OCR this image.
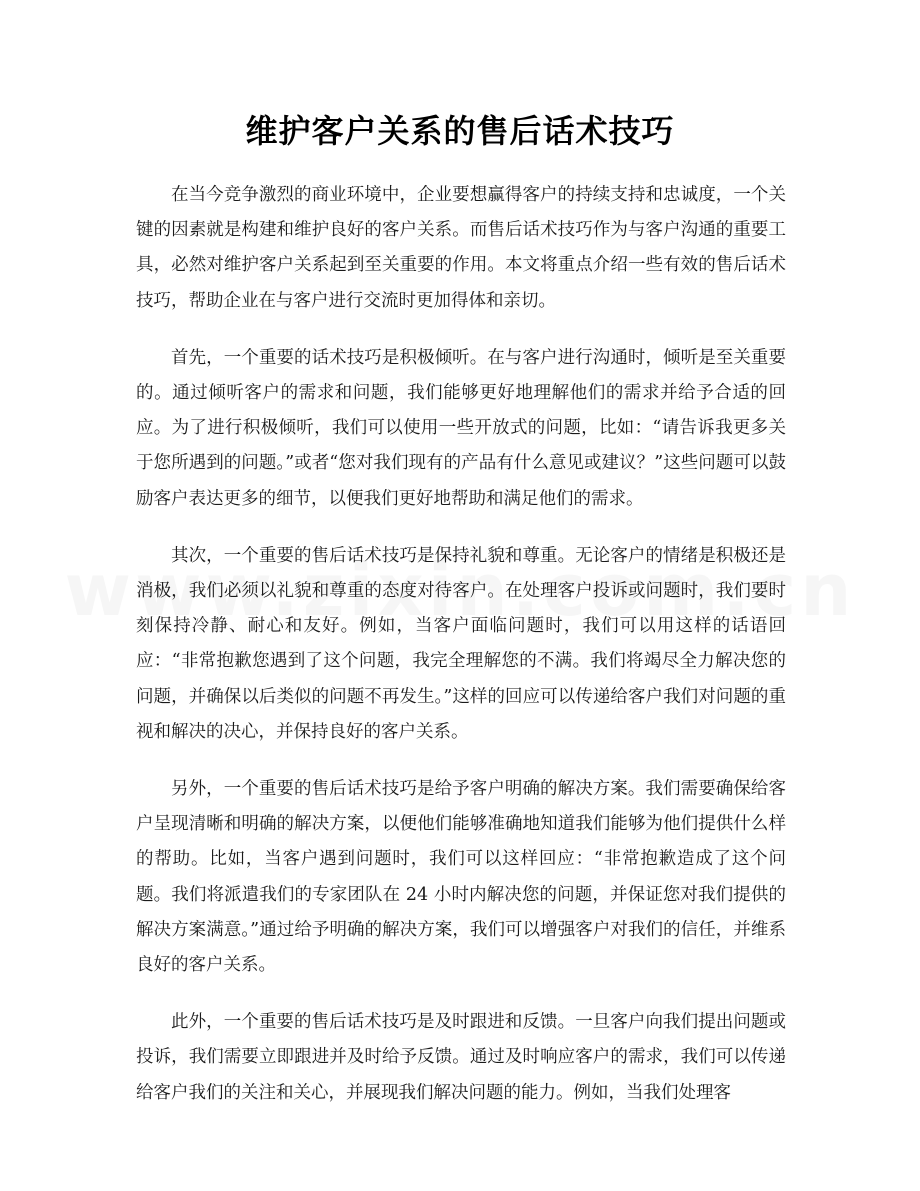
维护客户关系的售后话术技巧

在当今竞争激烈的商业环境中，企业要想赢得客户的持续支持和忠诚度，一个关键的因素就是构建和维护良好的客户关系。而售后话术技巧作为与客户沟通的重要工具，必然对维护客户关系起到至关重要的作用。本文将重点介绍一些有效的售后话术技巧，帮助企业在与客户进行交流时更加得体和亲切。

首先，一个重要的话术技巧是积极倾听。在与客户进行沟通时，倾听是至关重要的。通过倾听客户的需求和问题，我们能够更好地理解他们的需求并给予合适的回应。为了进行积极倾听，我们可以使用一些开放式的问题，比如：“请告诉我更多关于您所遇到的问题。”或者“您对我们现有的产品有什么意见或建议？”这些问题可以鼓励客户表达更多的细节，以便我们更好地帮助和满足他们的需求。

其次，一个重要的售后话术技巧是保持礼貌和尊重。无论客户的情绪是积极还是消极，我们必须以礼貌和尊重的态度对待客户。在处理客户投诉或问题时，我们要时刻保持冷静、耐心和友好。例如，当客户面临问题时，我们可以用这样的话语回应：“非常抱歉您遇到了这个问题，我完全理解您的不满。我们将竭尽全力解决您的问题，并确保以后类似的问题不再发生。”这样的回应可以传递给客户我们对问题的重视和解决的决心，并保持良好的客户关系。

另外，一个重要的售后话术技巧是给予客户明确的解决方案。我们需要确保给客户呈现清晰和明确的解决方案，以便他们能够准确地知道我们能够为他们提供什么样的帮助。比如，当客户遇到问题时，我们可以这样回应：“非常抱歉造成了这个问题。我们将派遣我们的专家团队在 24 小时内解决您的问题，并保证您对我们提供的解决方案满意。”通过给予明确的解决方案，我们可以增强客户对我们的信任，并维系良好的客户关系。

此外，一个重要的售后话术技巧是及时跟进和反馈。一旦客户向我们提出问题或投诉，我们需要立即跟进并及时给予反馈。通过及时响应客户的需求，我们可以传递给客户我们的关注和关心，并展现我们解决问题的能力。例如，当我们处理客
